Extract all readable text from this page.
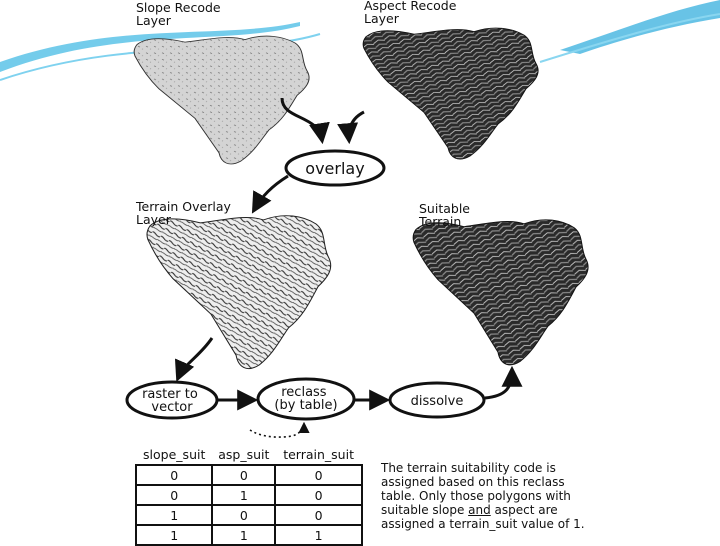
Slope Recode Layer
Aspect Recode Layer
Terrain Overlay Layer
Suitable Terrain
overlay
raster to vector
reclass (by table)	dissolve
slope_suit	asp_suit	terrain_suit
0	0	0
0	1	0
1	0	0
1	1	1
The terrain suitability code is
assigned based on this reclass
table. Only those polygons with
suitable slope and aspect are
assigned a terrain_suit value of 1.
